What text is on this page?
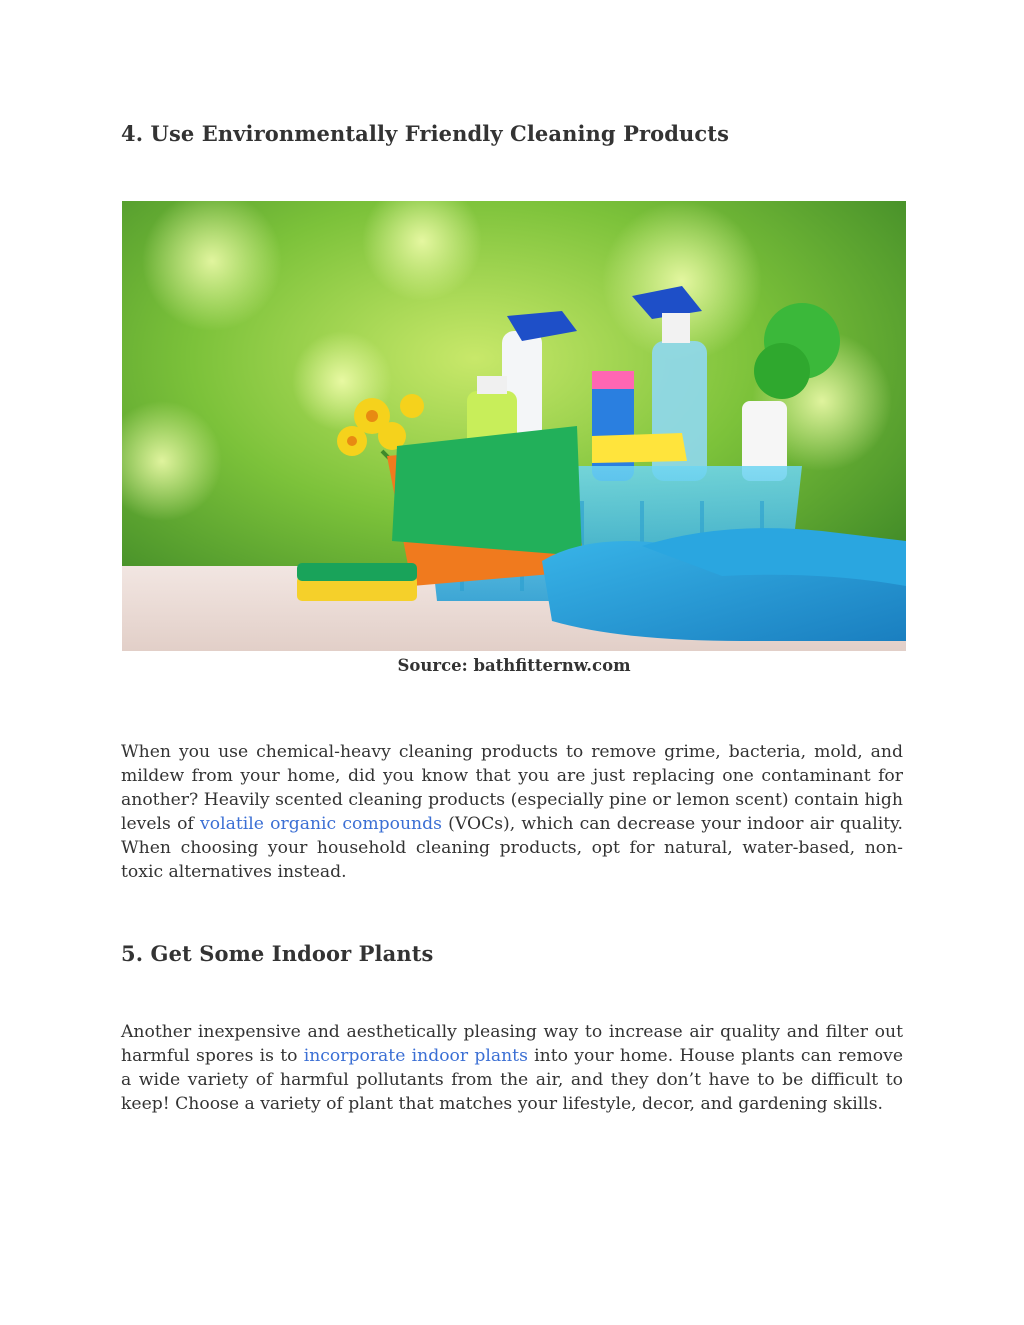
4. Use Environmentally Friendly Cleaning Products

Source: bathfitternw.com

When you use chemical-heavy cleaning products to remove grime, bacteria, mold, and mildew from your home, did you know that you are just replacing one contaminant for another? Heavily scented cleaning products (especially pine or lemon scent) contain high levels of volatile organic compounds (VOCs), which can decrease your indoor air quality. When choosing your household cleaning products, opt for natural, water-based, non-toxic alternatives instead.

5. Get Some Indoor Plants

Another inexpensive and aesthetically pleasing way to increase air quality and filter out harmful spores is to incorporate indoor plants into your home. House plants can remove a wide variety of harmful pollutants from the air, and they don’t have to be difficult to keep! Choose a variety of plant that matches your lifestyle, decor, and gardening skills.
